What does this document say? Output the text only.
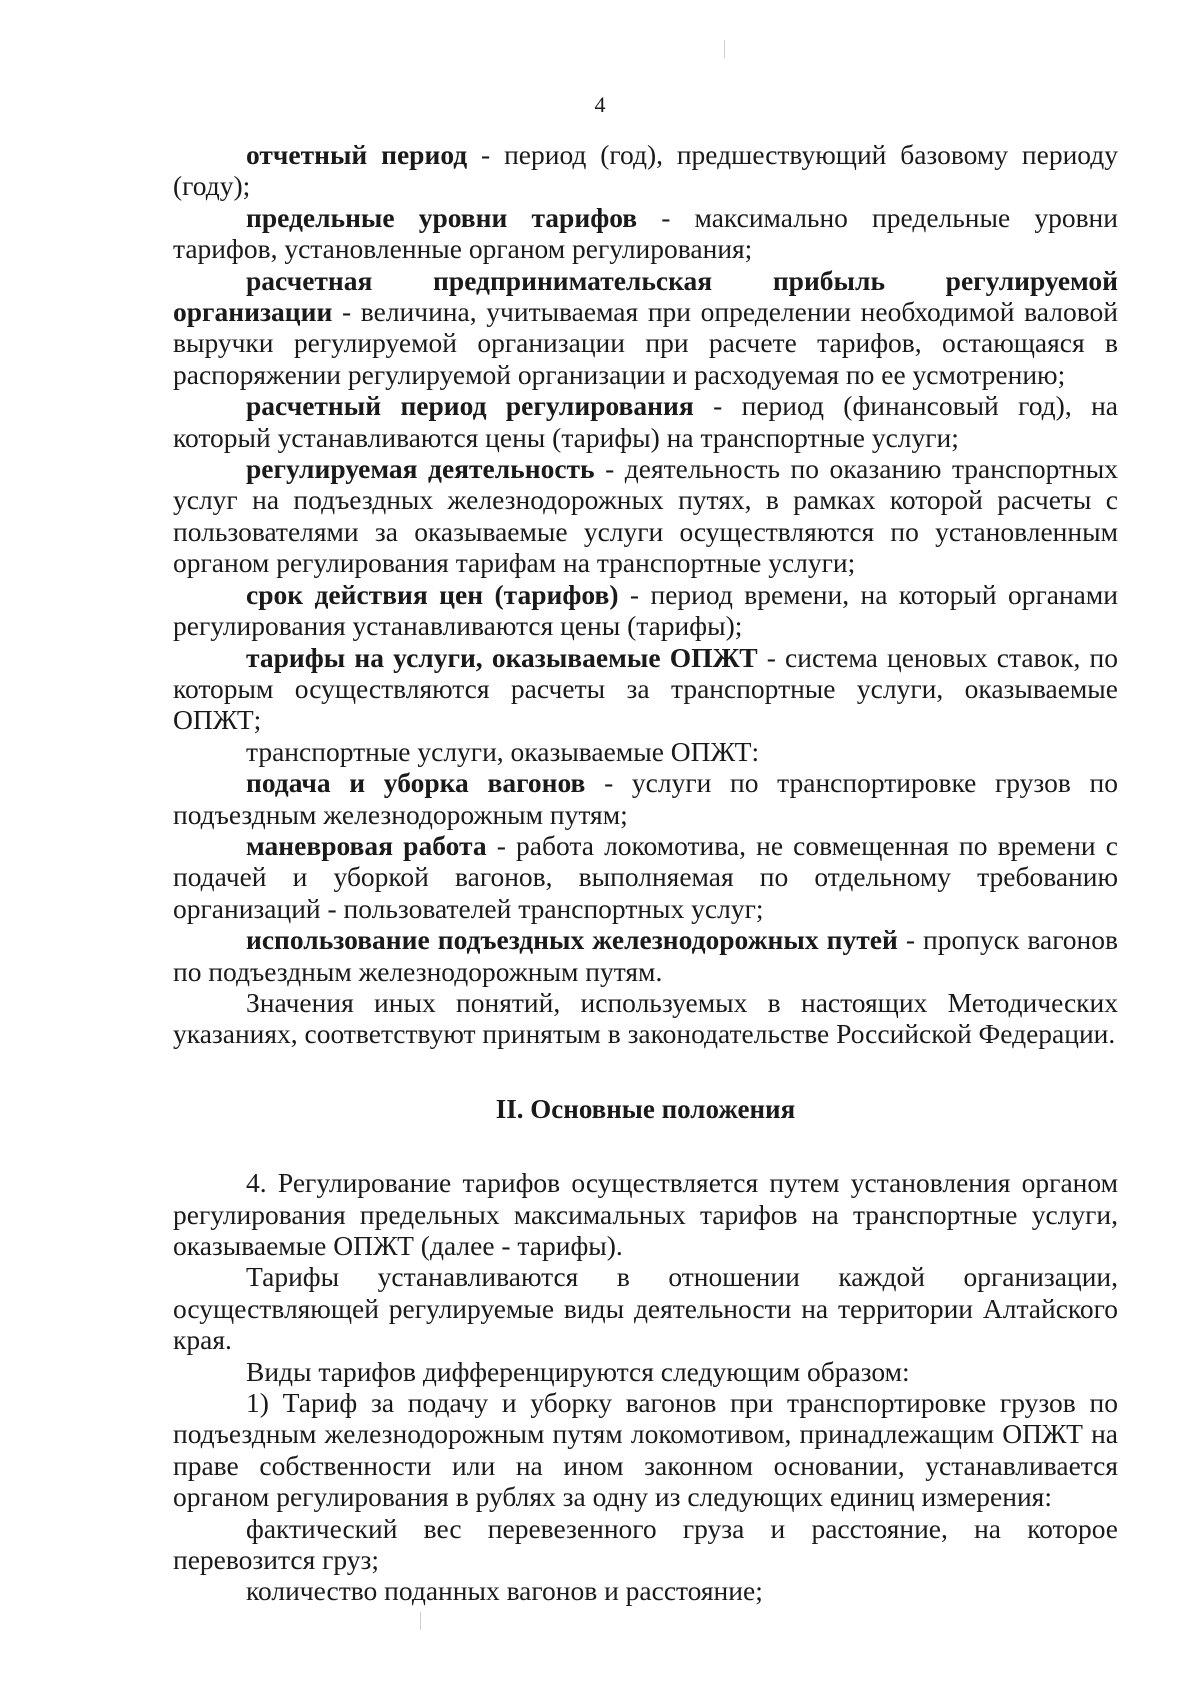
4

отчетный период - период (год), предшествующий базовому периоду (году);

предельные уровни тарифов - максимально предельные уровни тарифов, установленные органом регулирования;

расчетная предпринимательская прибыль регулируемой организации - величина, учитываемая при определении необходимой валовой выручки регулируемой организации при расчете тарифов, остающаяся в распоряжении регулируемой организации и расходуемая по ее усмотрению;

расчетный период регулирования - период (финансовый год), на который устанавливаются цены (тарифы) на транспортные услуги;

регулируемая деятельность - деятельность по оказанию транспортных услуг на подъездных железнодорожных путях, в рамках которой расчеты с пользователями за оказываемые услуги осуществляются по установленным органом регулирования тарифам на транспортные услуги;

срок действия цен (тарифов) - период времени, на который органами регулирования устанавливаются цены (тарифы);

тарифы на услуги, оказываемые ОПЖТ - система ценовых ставок, по которым осуществляются расчеты за транспортные услуги, оказываемые ОПЖТ;

транспортные услуги, оказываемые ОПЖТ:

подача и уборка вагонов - услуги по транспортировке грузов по подъездным железнодорожным путям;

маневровая работа - работа локомотива, не совмещенная по времени с подачей и уборкой вагонов, выполняемая по отдельному требованию организаций - пользователей транспортных услуг;

использование подъездных железнодорожных путей - пропуск вагонов по подъездным железнодорожным путям.

Значения иных понятий, используемых в настоящих Методических указаниях, соответствуют принятым в законодательстве Российской Федерации.

II. Основные положения

4. Регулирование тарифов осуществляется путем установления органом регулирования предельных максимальных тарифов на транспортные услуги, оказываемые ОПЖТ (далее - тарифы).

Тарифы устанавливаются в отношении каждой организации, осуществляющей регулируемые виды деятельности на территории Алтайского края.

Виды тарифов дифференцируются следующим образом:

1) Тариф за подачу и уборку вагонов при транспортировке грузов по подъездным железнодорожным путям локомотивом, принадлежащим ОПЖТ на праве собственности или на ином законном основании, устанавливается органом регулирования в рублях за одну из следующих единиц измерения:

фактический вес перевезенного груза и расстояние, на которое перевозится груз;

количество поданных вагонов и расстояние;
